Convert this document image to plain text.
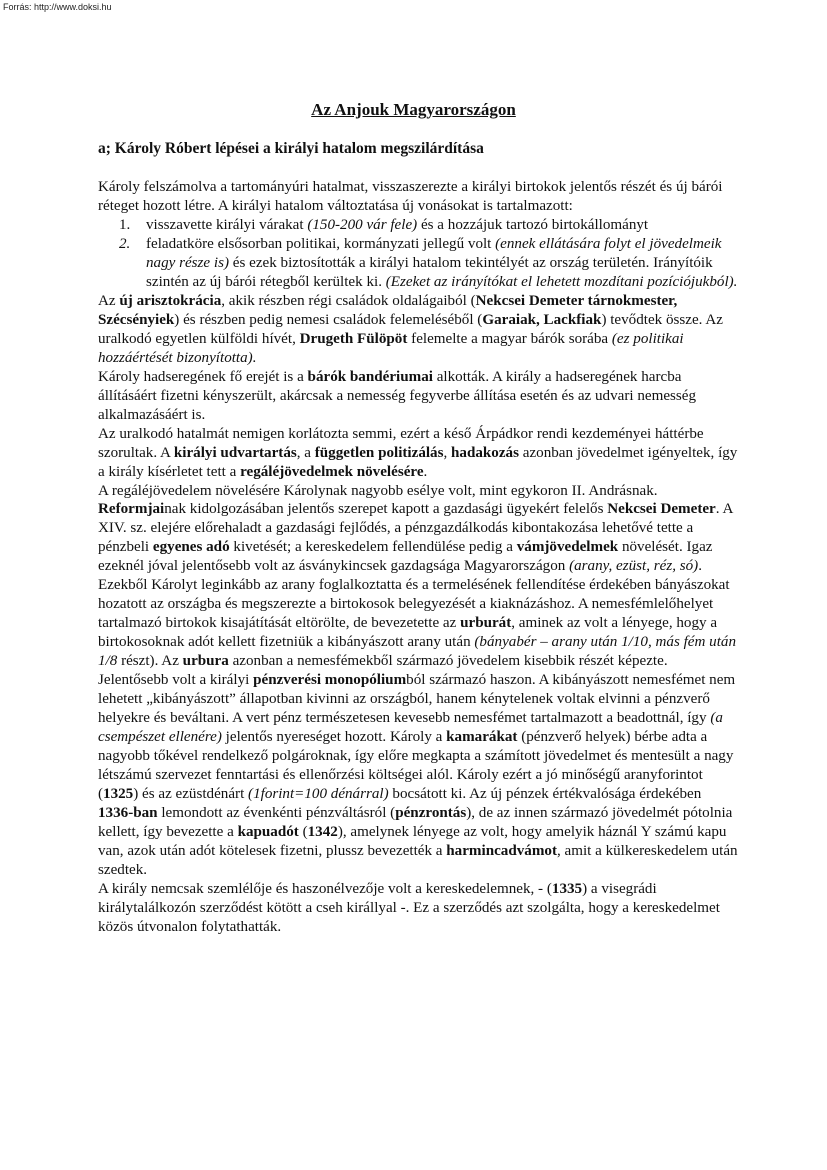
Forrás: http://www.doksi.hu
Az Anjouk Magyarországon
a; Károly Róbert lépései a királyi hatalom megszilárdítása

Károly felszámolva a tartományúri hatalmat, visszaszerezte a királyi birtokok jelentős részét és új bárói réteget hozott létre. A királyi hatalom változtatása új vonásokat is tartalmazott:

1. visszavette királyi várakat (150-200 vár fele) és a hozzájuk tartozó birtokállományt
2. feladatköre elsősorban politikai, kormányzati jellegű volt (ennek ellátására folyt el jövedelmeik nagy része is) és ezek biztosították a királyi hatalom tekintélyét az ország területén. Irányítóik szintén az új bárói rétegből kerültek ki. (Ezeket az irányítókat el lehetett mozdítani pozíciójukból).

Az új arisztokrácia, akik részben régi családok oldalágaiból (Nekcsei Demeter tárnokmester, Szécsényiek) és részben pedig nemesi családok felemeléséből (Garaiak, Lackfiak) tevődtek össze. Az uralkodó egyetlen külföldi hívét, Drugeth Fülöpöt felemelte a magyar bárók sorába (ez politikai hozzáértését bizonyította).

Károly hadseregének fő erejét is a bárók bandériumai alkották. A király a hadseregének harcba állításáért fizetni kényszerült, akárcsak a nemesség fegyverbe állítása esetén és az udvari nemesség alkalmazásáért is.

Az uralkodó hatalmát nemigen korlátozta semmi, ezért a késő Árpádkor rendi kezdeményei háttérbe szorultak. A királyi udvartartás, a független politizálás, hadakozás azonban jövedelmet igényeltek, így a király kísérletet tett a regáléjövedelmek növelésére.

A regáléjövedelem növelésére Károlynak nagyobb esélye volt, mint egykoron II. Andrásnak. Reformjainak kidolgozásában jelentős szerepet kapott a gazdasági ügyekért felelős Nekcsei Demeter. A XIV. sz. elejére előrehaladt a gazdasági fejlődés, a pénzgazdálkodás kibontakozása lehetővé tette a pénzbeli egyenes adó kivetését; a kereskedelem fellendülése pedig a vámjövedelmek növelését. Igaz ezeknél jóval jelentősebb volt az ásványkincsek gazdagsága Magyarországon (arany, ezüst, réz, só). Ezekből Károlyt leginkább az arany foglalkoztatta és a termelésének fellendítése érdekében bányászokat hozatott az országba és megszerezte a birtokosok belegyezését a kiaknázáshoz. A nemesfémlelőhelyet tartalmazó birtokok kisajátítását eltörölte, de bevezetette az urburát, aminek az volt a lényege, hogy a birtokosoknak adót kellett fizetniük a kibányászott arany után (bányabér – arany után 1/10, más fém után 1/8 részt). Az urbura azonban a nemesfémekből származó jövedelem kisebbik részét képezte. Jelentősebb volt a királyi pénzverési monopóliumból származó haszon. A kibányászott nemesfémet nem lehetett „kibányászott” állapotban kivinni az országból, hanem kénytelenek voltak elvinni a pénzverő helyekre és beváltani. A vert pénz természetesen kevesebb nemesfémet tartalmazott a beadottnál, így (a csempészet ellenére) jelentős nyereséget hozott. Károly a kamarákat (pénzverő helyek) bérbe adta a nagyobb tőkével rendelkező polgároknak, így előre megkapta a számított jövedelmet és mentesült a nagy létszámú szervezet fenntartási és ellenőrzési költségei alól. Károly ezért a jó minőségű aranyforintot (1325) és az ezüstdénárt (1forint=100 dénárral) bocsátott ki. Az új pénzek értékvalósága érdekében 1336-ban lemondott az évenkénti pénzváltásról (pénzrontás), de az innen származó jövedelmét pótolnia kellett, így bevezette a kapuadót (1342), amelynek lényege az volt, hogy amelyik háznál Y számú kapu van, azok után adót kötelesek fizetni, plussz bevezették a harmincadvámot, amit a külkereskedelem után szedtek.

A király nemcsak szemlélője és haszonélvezője volt a kereskedelemnek, - (1335) a visegrádi királytalálkozón szerződést kötött a cseh királlyal -. Ez a szerződés azt szolgálta, hogy a kereskedelmet közös útvonalon folytathatták.
